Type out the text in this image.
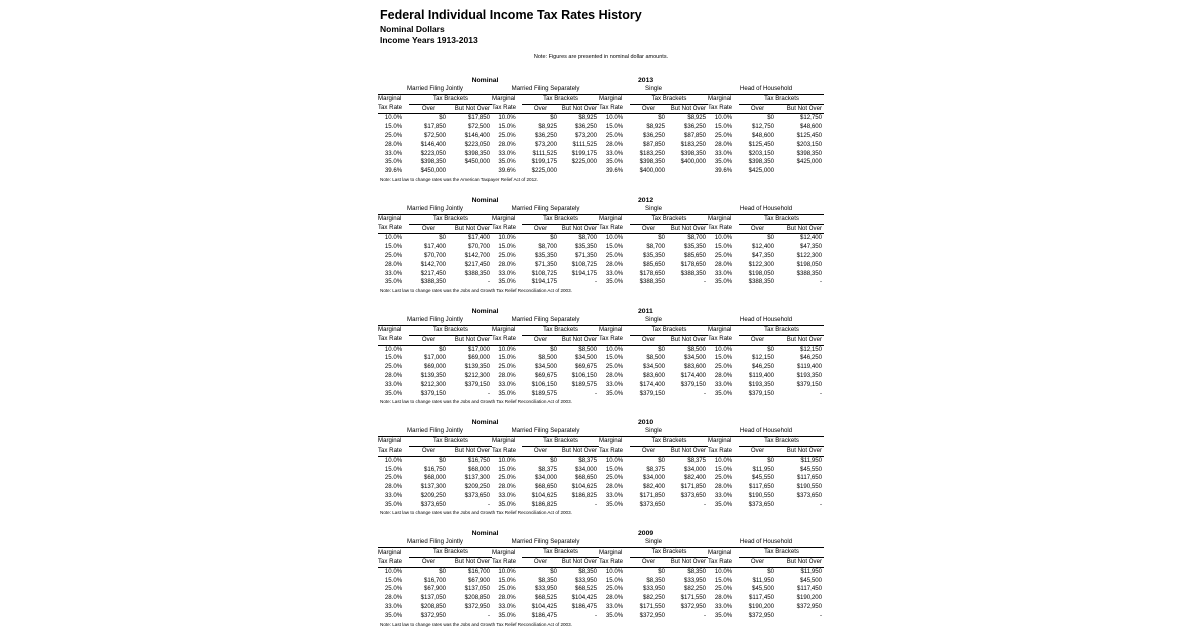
Federal Individual Income Tax Rates History
Nominal Dollars
Income Years 1913-2013
Note: Figures are presented in nominal dollar amounts.
		Nominal					2013				
Married Filing Jointly			Married Filing Separately			Single			Head of Household		
Marginal	Tax Brackets		Marginal	Tax Brackets		Marginal	Tax Brackets		Marginal	Tax Brackets	
Tax Rate	Over	But Not Over	Tax Rate	Over	But Not Over	Tax Rate	Over	But Not Over	Tax Rate	Over	But Not Over
10.0%	$0	$17,850	10.0%	$0	$8,925	10.0%	$0	$8,925	10.0%	$0	$12,750
15.0%	$17,850	$72,500	15.0%	$8,925	$36,250	15.0%	$8,925	$36,250	15.0%	$12,750	$48,600
25.0%	$72,500	$146,400	25.0%	$36,250	$73,200	25.0%	$36,250	$87,850	25.0%	$48,600	$125,450
28.0%	$146,400	$223,050	28.0%	$73,200	$111,525	28.0%	$87,850	$183,250	28.0%	$125,450	$203,150
33.0%	$223,050	$398,350	33.0%	$111,525	$199,175	33.0%	$183,250	$398,350	33.0%	$203,150	$398,350
35.0%	$398,350	$450,000	35.0%	$199,175	$225,000	35.0%	$398,350	$400,000	35.0%	$398,350	$425,000
39.6%	$450,000		39.6%	$225,000		39.6%	$400,000		39.6%	$425,000	
Note: Last law to change rates was the American Taxpayer Relief Act of 2012.
		Nominal					2012				
Married Filing Jointly			Married Filing Separately			Single			Head of Household		
Marginal	Tax Brackets		Marginal	Tax Brackets		Marginal	Tax Brackets		Marginal	Tax Brackets	
Tax Rate	Over	But Not Over	Tax Rate	Over	But Not Over	Tax Rate	Over	But Not Over	Tax Rate	Over	But Not Over
10.0%	$0	$17,400	10.0%	$0	$8,700	10.0%	$0	$8,700	10.0%	$0	$12,400
15.0%	$17,400	$70,700	15.0%	$8,700	$35,350	15.0%	$8,700	$35,350	15.0%	$12,400	$47,350
25.0%	$70,700	$142,700	25.0%	$35,350	$71,350	25.0%	$35,350	$85,650	25.0%	$47,350	$122,300
28.0%	$142,700	$217,450	28.0%	$71,350	$108,725	28.0%	$85,650	$178,650	28.0%	$122,300	$198,050
33.0%	$217,450	$388,350	33.0%	$108,725	$194,175	33.0%	$178,650	$388,350	33.0%	$198,050	$388,350
35.0%	$388,350	-	35.0%	$194,175	-	35.0%	$388,350	-	35.0%	$388,350	-
Note: Last law to change rates was the Jobs and Growth Tax Relief Reconciliation Act of 2003.
		Nominal					2011				
Married Filing Jointly			Married Filing Separately			Single			Head of Household		
Marginal	Tax Brackets		Marginal	Tax Brackets		Marginal	Tax Brackets		Marginal	Tax Brackets	
Tax Rate	Over	But Not Over	Tax Rate	Over	But Not Over	Tax Rate	Over	But Not Over	Tax Rate	Over	But Not Over
10.0%	$0	$17,000	10.0%	$0	$8,500	10.0%	$0	$8,500	10.0%	$0	$12,150
15.0%	$17,000	$69,000	15.0%	$8,500	$34,500	15.0%	$8,500	$34,500	15.0%	$12,150	$46,250
25.0%	$69,000	$139,350	25.0%	$34,500	$69,675	25.0%	$34,500	$83,600	25.0%	$46,250	$119,400
28.0%	$139,350	$212,300	28.0%	$69,675	$106,150	28.0%	$83,600	$174,400	28.0%	$119,400	$193,350
33.0%	$212,300	$379,150	33.0%	$106,150	$189,575	33.0%	$174,400	$379,150	33.0%	$193,350	$379,150
35.0%	$379,150	-	35.0%	$189,575	-	35.0%	$379,150	-	35.0%	$379,150	-
Note: Last law to change rates was the Jobs and Growth Tax Relief Reconciliation Act of 2003.
		Nominal					2010				
Married Filing Jointly			Married Filing Separately			Single			Head of Household		
Marginal	Tax Brackets		Marginal	Tax Brackets		Marginal	Tax Brackets		Marginal	Tax Brackets	
Tax Rate	Over	But Not Over	Tax Rate	Over	But Not Over	Tax Rate	Over	But Not Over	Tax Rate	Over	But Not Over
10.0%	$0	$16,750	10.0%	$0	$8,375	10.0%	$0	$8,375	10.0%	$0	$11,950
15.0%	$16,750	$68,000	15.0%	$8,375	$34,000	15.0%	$8,375	$34,000	15.0%	$11,950	$45,550
25.0%	$68,000	$137,300	25.0%	$34,000	$68,650	25.0%	$34,000	$82,400	25.0%	$45,550	$117,650
28.0%	$137,300	$209,250	28.0%	$68,650	$104,625	28.0%	$82,400	$171,850	28.0%	$117,650	$190,550
33.0%	$209,250	$373,650	33.0%	$104,625	$186,825	33.0%	$171,850	$373,650	33.0%	$190,550	$373,650
35.0%	$373,650	-	35.0%	$186,825	-	35.0%	$373,650	-	35.0%	$373,650	-
Note: Last law to change rates was the Jobs and Growth Tax Relief Reconciliation Act of 2003.
		Nominal					2009				
Married Filing Jointly			Married Filing Separately			Single			Head of Household		
Marginal	Tax Brackets		Marginal	Tax Brackets		Marginal	Tax Brackets		Marginal	Tax Brackets	
Tax Rate	Over	But Not Over	Tax Rate	Over	But Not Over	Tax Rate	Over	But Not Over	Tax Rate	Over	But Not Over
10.0%	$0	$16,700	10.0%	$0	$8,350	10.0%	$0	$8,350	10.0%	$0	$11,950
15.0%	$16,700	$67,900	15.0%	$8,350	$33,950	15.0%	$8,350	$33,950	15.0%	$11,950	$45,500
25.0%	$67,900	$137,050	25.0%	$33,950	$68,525	25.0%	$33,950	$82,250	25.0%	$45,500	$117,450
28.0%	$137,050	$208,850	28.0%	$68,525	$104,425	28.0%	$82,250	$171,550	28.0%	$117,450	$190,200
33.0%	$208,850	$372,950	33.0%	$104,425	$186,475	33.0%	$171,550	$372,950	33.0%	$190,200	$372,950
35.0%	$372,950	-	35.0%	$186,475	-	35.0%	$372,950	-	35.0%	$372,950	-
Note: Last law to change rates was the Jobs and Growth Tax Relief Reconciliation Act of 2003.
